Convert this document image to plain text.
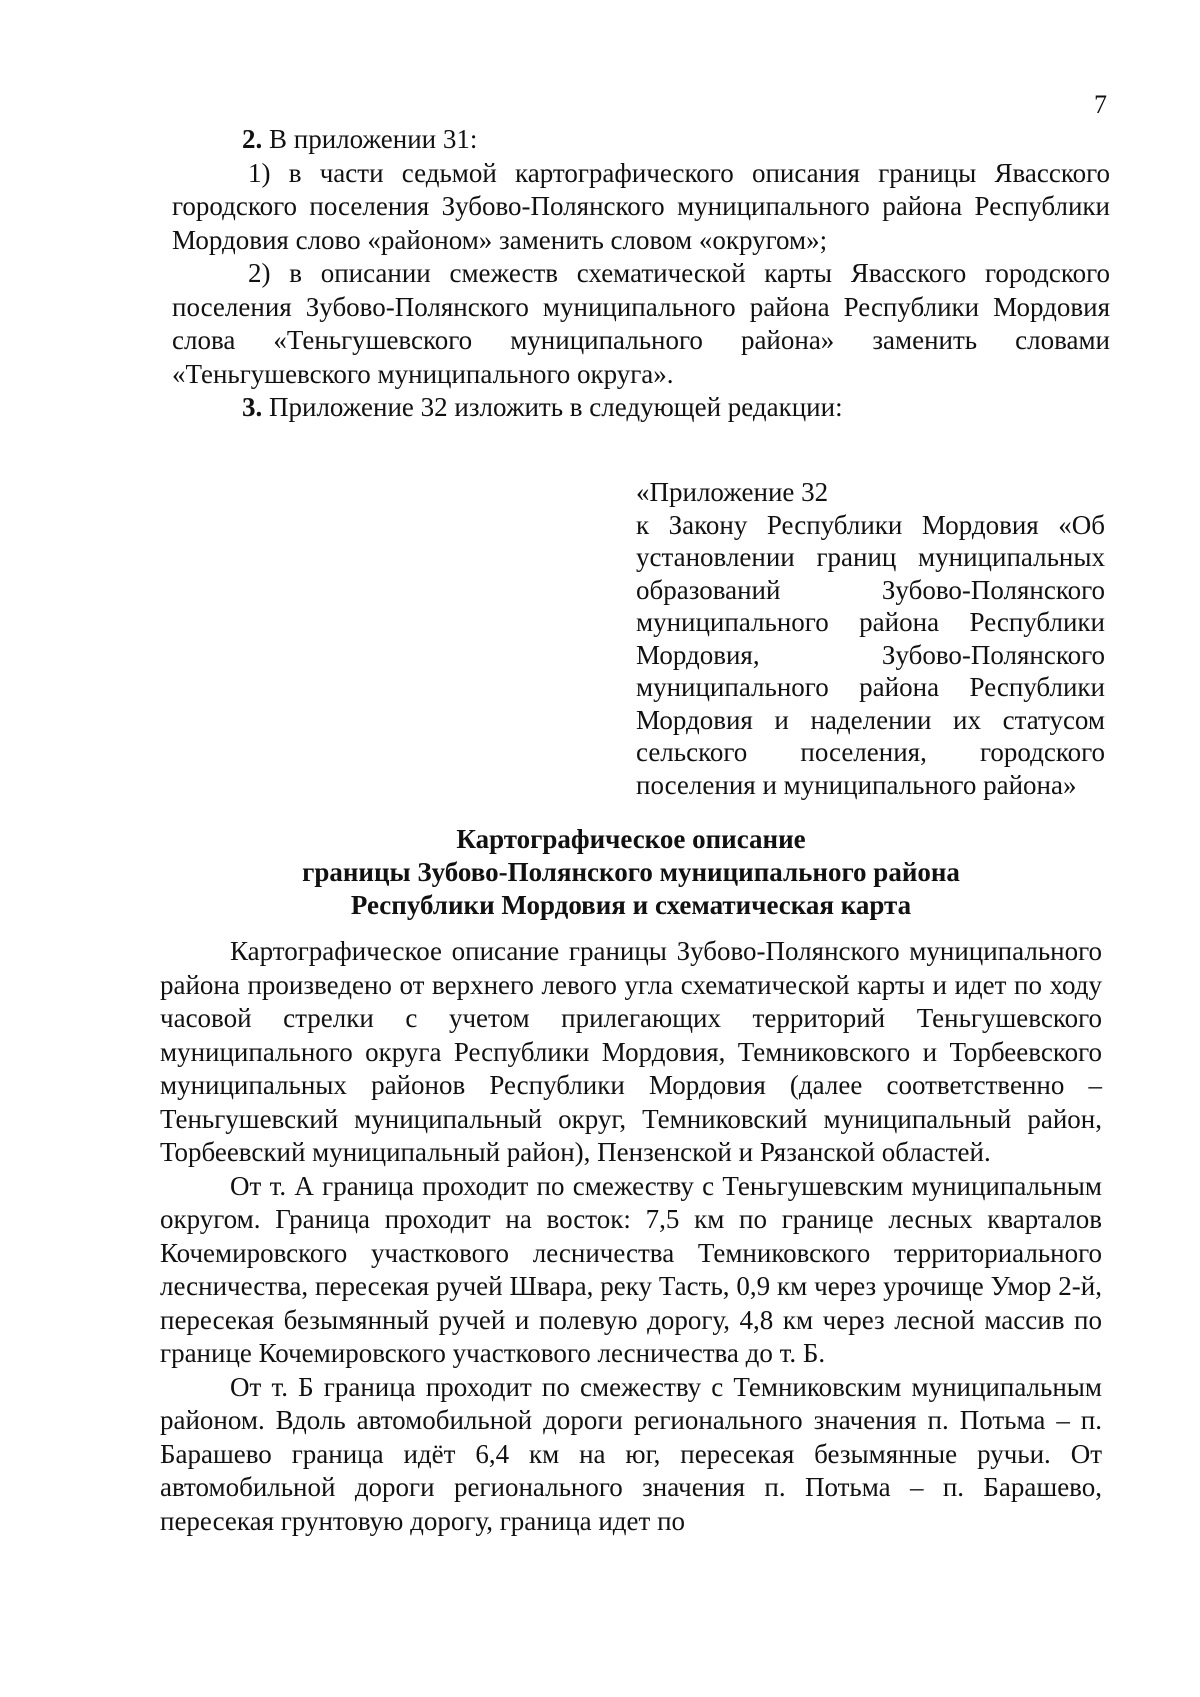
7

2. В приложении 31:

1) в части седьмой картографического описания границы Явасского городского поселения Зубово-Полянского муниципального района Республики Мордовия слово «районом» заменить словом «округом»;

2) в описании смежеств схематической карты Явасского городского поселения Зубово-Полянского муниципального района Республики Мордовия слова «Теньгушевского муниципального района» заменить словами «Теньгушевского муниципального округа».

3. Приложение 32 изложить в следующей редакции:

«Приложение 32

к Закону Республики Мордовия «Об установлении границ муниципальных образований Зубово-Полянского муниципального района Республики Мордовия, Зубово-Полянского муниципального района Республики Мордовия и наделении их статусом сельского поселения, городского поселения и муниципального района»

Картографическое описание

границы Зубово-Полянского муниципального района

Республики Мордовия и схематическая карта

Картографическое описание границы Зубово-Полянского муниципального района произведено от верхнего левого угла схематической карты и идет по ходу часовой стрелки с учетом прилегающих территорий Теньгушевского муниципального округа Республики Мордовия, Темниковского и Торбеевского муниципальных районов Республики Мордовия (далее соответственно – Теньгушевский муниципальный округ, Темниковский муниципальный район, Торбеевский муниципальный район), Пензенской и Рязанской областей.

От т. А граница проходит по смежеству с Теньгушевским муниципальным округом. Граница проходит на восток: 7,5 км по границе лесных кварталов Кочемировского участкового лесничества Темниковского территориального лесничества, пересекая ручей Швара, реку Тасть, 0,9 км через урочище Умор 2-й, пересекая безымянный ручей и полевую дорогу, 4,8 км через лесной массив по границе Кочемировского участкового лесничества до т. Б.

От т. Б граница проходит по смежеству с Темниковским муниципальным районом. Вдоль автомобильной дороги регионального значения п. Потьма – п. Барашево граница идёт 6,4 км на юг, пересекая безымянные ручьи. От автомобильной дороги регионального значения п. Потьма – п. Барашево, пересекая грунтовую дорогу, граница идет по
